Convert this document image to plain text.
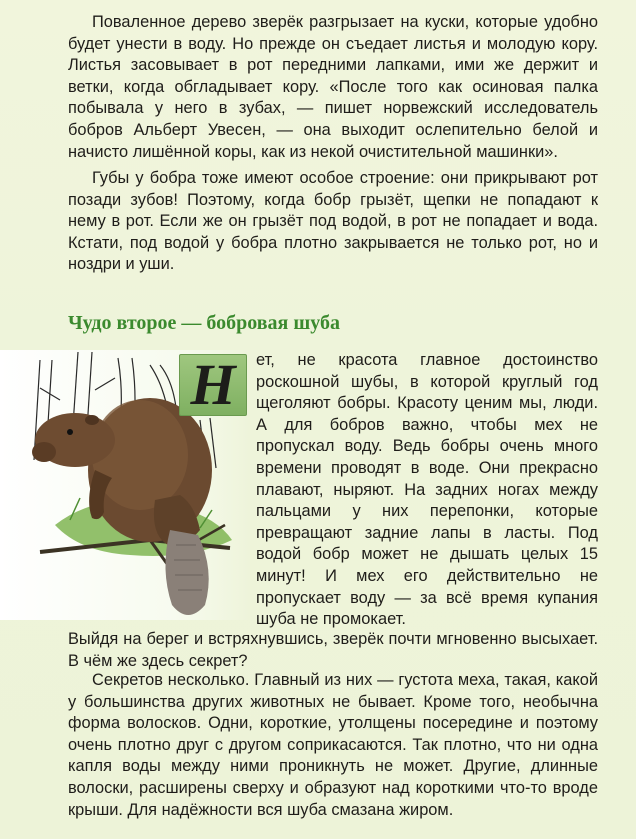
Поваленное дерево зверёк разгрызает на куски, которые удобно будет унести в воду. Но прежде он съедает листья и молодую кору. Листья засовывает в рот передними лапками, ими же держит и ветки, когда обгладывает кору. «После того как осиновая палка побывала у него в зубах, — пишет норвежский исследователь бобров Альберт Увесен, — она выходит ослепительно белой и начисто лишённой коры, как из некой очистительной машинки».

Губы у бобра тоже имеют особое строение: они прикрывают рот позади зубов! Поэтому, когда бобр грызёт, щепки не попадают к нему в рот. Если же он грызёт под водой, в рот не попадает и вода. Кстати, под водой у бобра плотно закрывается не только рот, но и ноздри и уши.

Чудо второе — бобровая шуба
Н ет, не красота главное достоинство роскошной шубы, в которой круглый год щеголяют бобры. Красоту ценим мы, люди. А для бобров важно, чтобы мех не пропускал воду. Ведь бобры очень много времени проводят в воде. Они прекрасно плавают, ныряют. На задних ногах между пальцами у них перепонки, которые превращают задние лапы в ласты. Под водой бобр может не дышать целых 15 минут! И мех его действительно не пропускает воду — за всё время купания шуба не промокает.

Выйдя на берег и встряхнувшись, зверёк почти мгновенно высыхает. В чём же здесь секрет?

Секретов несколько. Главный из них — густота меха, такая, какой у большинства других животных не бывает. Кроме того, необычна форма волосков. Одни, короткие, утолщены посередине и поэтому очень плотно друг с другом соприкасаются. Так плотно, что ни одна капля воды между ними проникнуть не может. Другие, длинные волоски, расширены сверху и образуют над короткими что-то вроде крыши. Для надёжности вся шуба смазана жиром.
